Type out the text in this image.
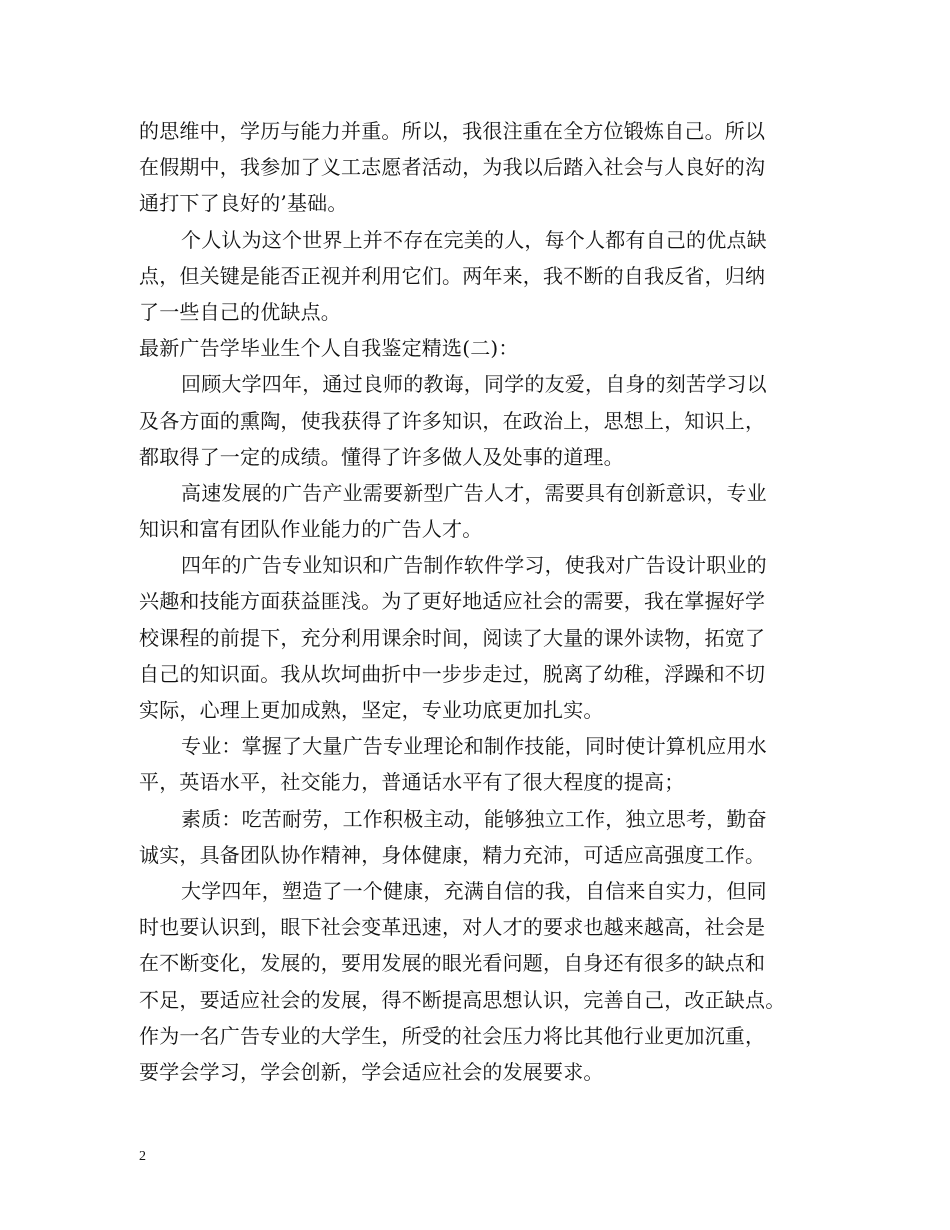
的思维中，学历与能力并重。所以，我很注重在全方位锻炼自己。所以
在假期中，我参加了义工志愿者活动，为我以后踏入社会与人良好的沟
通打下了良好的’基础。
个人认为这个世界上并不存在完美的人，每个人都有自己的优点缺
点，但关键是能否正视并利用它们。两年来，我不断的自我反省，归纳
了一些自己的优缺点。
最新广告学毕业生个人自我鉴定精选(二)：
回顾大学四年，通过良师的教诲，同学的友爱，自身的刻苦学习以
及各方面的熏陶，使我获得了许多知识，在政治上，思想上，知识上，
都取得了一定的成绩。懂得了许多做人及处事的道理。
高速发展的广告产业需要新型广告人才，需要具有创新意识，专业
知识和富有团队作业能力的广告人才。
四年的广告专业知识和广告制作软件学习，使我对广告设计职业的
兴趣和技能方面获益匪浅。为了更好地适应社会的需要，我在掌握好学
校课程的前提下，充分利用课余时间，阅读了大量的课外读物，拓宽了
自己的知识面。我从坎坷曲折中一步步走过，脱离了幼稚，浮躁和不切
实际，心理上更加成熟，坚定，专业功底更加扎实。
专业：掌握了大量广告专业理论和制作技能，同时使计算机应用水
平，英语水平，社交能力，普通话水平有了很大程度的提高；
素质：吃苦耐劳，工作积极主动，能够独立工作，独立思考，勤奋
诚实，具备团队协作精神，身体健康，精力充沛，可适应高强度工作。
大学四年，塑造了一个健康，充满自信的我，自信来自实力，但同
时也要认识到，眼下社会变革迅速，对人才的要求也越来越高，社会是
在不断变化，发展的，要用发展的眼光看问题，自身还有很多的缺点和
不足，要适应社会的发展，得不断提高思想认识，完善自己，改正缺点。
作为一名广告专业的大学生，所受的社会压力将比其他行业更加沉重，
要学会学习，学会创新，学会适应社会的发展要求。
2
